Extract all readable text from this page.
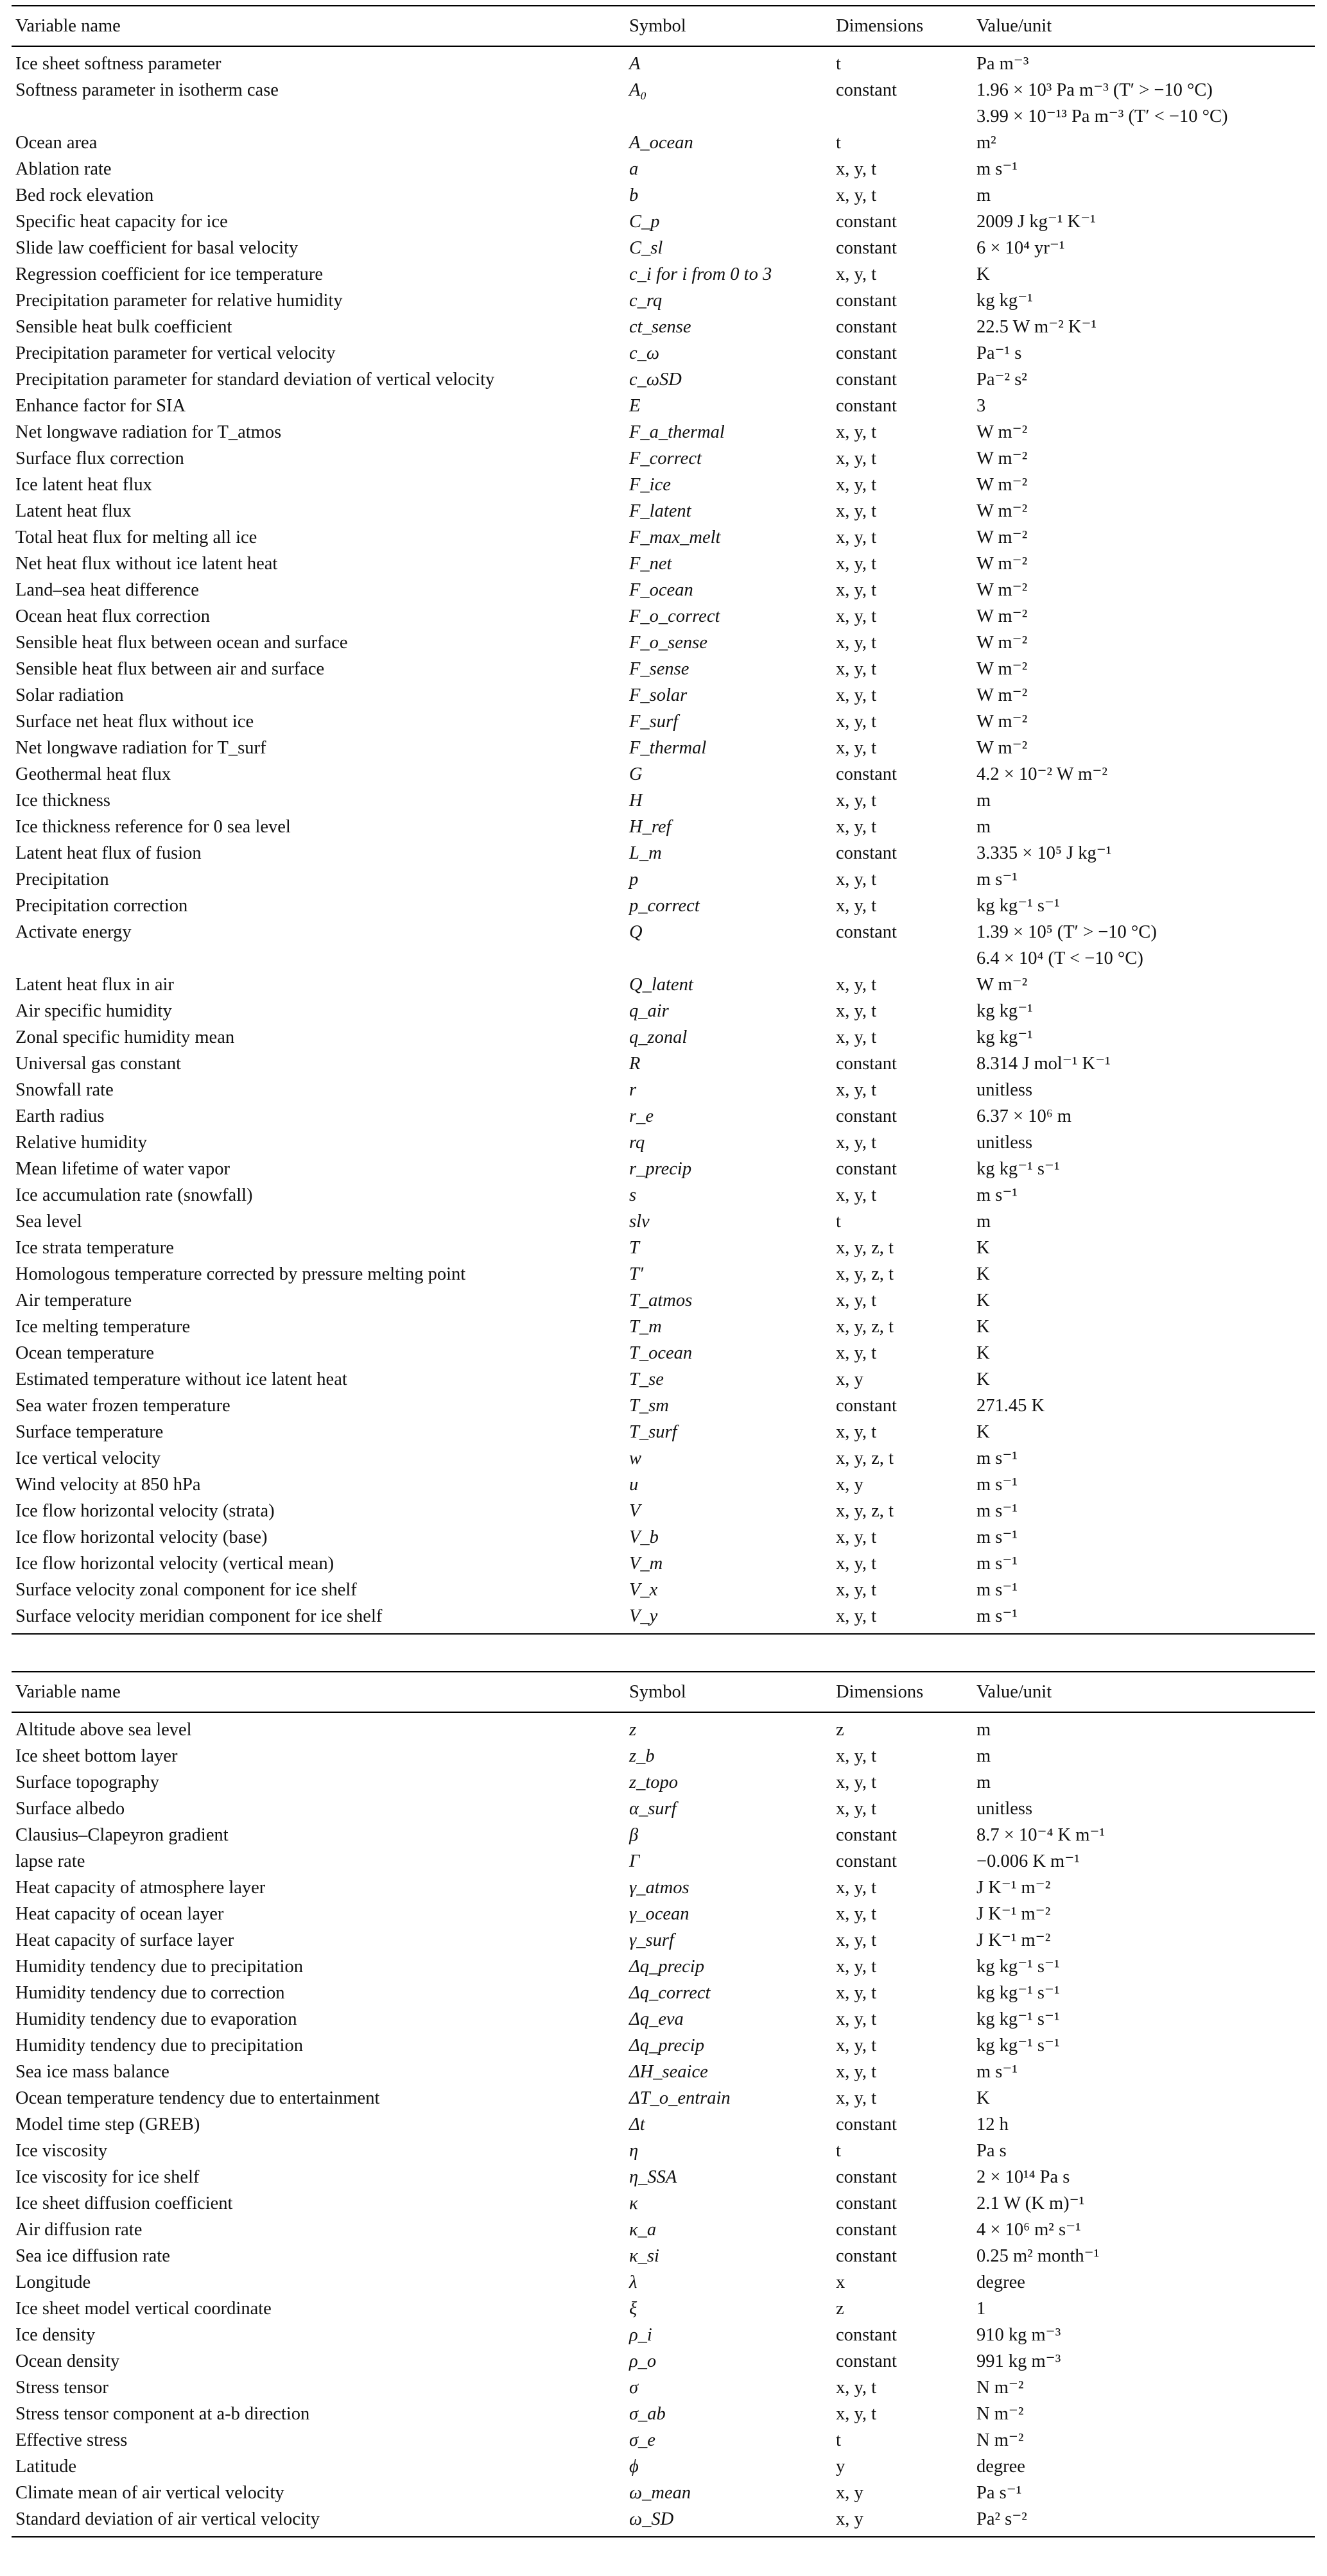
Variable name	Symbol	Dimensions	Value/unit
Ice sheet softness parameter	A	t	Pa m⁻³
Softness parameter in isotherm case	A₀	constant	1.96 × 10³ Pa m⁻³ (T′ > −10 °C)
			3.99 × 10⁻¹³ Pa m⁻³ (T′ < −10 °C)
Ocean area	A_ocean	t	m²
Ablation rate	a	x, y, t	m s⁻¹
Bed rock elevation	b	x, y, t	m
Specific heat capacity for ice	C_p	constant	2009 J kg⁻¹ K⁻¹
Slide law coefficient for basal velocity	C_sl	constant	6 × 10⁴ yr⁻¹
Regression coefficient for ice temperature	c_i for i from 0 to 3	x, y, t	K
Precipitation parameter for relative humidity	c_rq	constant	kg kg⁻¹
Sensible heat bulk coefficient	ct_sense	constant	22.5 W m⁻² K⁻¹
Precipitation parameter for vertical velocity	c_ω	constant	Pa⁻¹ s
Precipitation parameter for standard deviation of vertical velocity	c_ωSD	constant	Pa⁻² s²
Enhance factor for SIA	E	constant	3
Net longwave radiation for T_atmos	F_a_thermal	x, y, t	W m⁻²
Surface flux correction	F_correct	x, y, t	W m⁻²
Ice latent heat flux	F_ice	x, y, t	W m⁻²
Latent heat flux	F_latent	x, y, t	W m⁻²
Total heat flux for melting all ice	F_max_melt	x, y, t	W m⁻²
Net heat flux without ice latent heat	F_net	x, y, t	W m⁻²
Land–sea heat difference	F_ocean	x, y, t	W m⁻²
Ocean heat flux correction	F_o_correct	x, y, t	W m⁻²
Sensible heat flux between ocean and surface	F_o_sense	x, y, t	W m⁻²
Sensible heat flux between air and surface	F_sense	x, y, t	W m⁻²
Solar radiation	F_solar	x, y, t	W m⁻²
Surface net heat flux without ice	F_surf	x, y, t	W m⁻²
Net longwave radiation for T_surf	F_thermal	x, y, t	W m⁻²
Geothermal heat flux	G	constant	4.2 × 10⁻² W m⁻²
Ice thickness	H	x, y, t	m
Ice thickness reference for 0 sea level	H_ref	x, y, t	m
Latent heat flux of fusion	L_m	constant	3.335 × 10⁵ J kg⁻¹
Precipitation	p	x, y, t	m s⁻¹
Precipitation correction	p_correct	x, y, t	kg kg⁻¹ s⁻¹
Activate energy	Q	constant	1.39 × 10⁵ (T′ > −10 °C)
			6.4 × 10⁴ (T < −10 °C)
Latent heat flux in air	Q_latent	x, y, t	W m⁻²
Air specific humidity	q_air	x, y, t	kg kg⁻¹
Zonal specific humidity mean	q_zonal	x, y, t	kg kg⁻¹
Universal gas constant	R	constant	8.314 J mol⁻¹ K⁻¹
Snowfall rate	r	x, y, t	unitless
Earth radius	r_e	constant	6.37 × 10⁶ m
Relative humidity	rq	x, y, t	unitless
Mean lifetime of water vapor	r_precip	constant	kg kg⁻¹ s⁻¹
Ice accumulation rate (snowfall)	s	x, y, t	m s⁻¹
Sea level	slv	t	m
Ice strata temperature	T	x, y, z, t	K
Homologous temperature corrected by pressure melting point	T′	x, y, z, t	K
Air temperature	T_atmos	x, y, t	K
Ice melting temperature	T_m	x, y, z, t	K
Ocean temperature	T_ocean	x, y, t	K
Estimated temperature without ice latent heat	T_se	x, y	K
Sea water frozen temperature	T_sm	constant	271.45 K
Surface temperature	T_surf	x, y, t	K
Ice vertical velocity	w	x, y, z, t	m s⁻¹
Wind velocity at 850 hPa	u	x, y	m s⁻¹
Ice flow horizontal velocity (strata)	V	x, y, z, t	m s⁻¹
Ice flow horizontal velocity (base)	V_b	x, y, t	m s⁻¹
Ice flow horizontal velocity (vertical mean)	V_m	x, y, t	m s⁻¹
Surface velocity zonal component for ice shelf	V_x	x, y, t	m s⁻¹
Surface velocity meridian component for ice shelf	V_y	x, y, t	m s⁻¹
Variable name	Symbol	Dimensions	Value/unit
Altitude above sea level	z	z	m
Ice sheet bottom layer	z_b	x, y, t	m
Surface topography	z_topo	x, y, t	m
Surface albedo	α_surf	x, y, t	unitless
Clausius–Clapeyron gradient	β	constant	8.7 × 10⁻⁴ K m⁻¹
lapse rate	Γ	constant	−0.006 K m⁻¹
Heat capacity of atmosphere layer	γ_atmos	x, y, t	J K⁻¹ m⁻²
Heat capacity of ocean layer	γ_ocean	x, y, t	J K⁻¹ m⁻²
Heat capacity of surface layer	γ_surf	x, y, t	J K⁻¹ m⁻²
Humidity tendency due to precipitation	Δq_precip	x, y, t	kg kg⁻¹ s⁻¹
Humidity tendency due to correction	Δq_correct	x, y, t	kg kg⁻¹ s⁻¹
Humidity tendency due to evaporation	Δq_eva	x, y, t	kg kg⁻¹ s⁻¹
Humidity tendency due to precipitation	Δq_precip	x, y, t	kg kg⁻¹ s⁻¹
Sea ice mass balance	ΔH_seaice	x, y, t	m s⁻¹
Ocean temperature tendency due to entertainment	ΔT_o_entrain	x, y, t	K
Model time step (GREB)	Δt	constant	12 h
Ice viscosity	η	t	Pa s
Ice viscosity for ice shelf	η_SSA	constant	2 × 10¹⁴ Pa s
Ice sheet diffusion coefficient	κ	constant	2.1 W (K m)⁻¹
Air diffusion rate	κ_a	constant	4 × 10⁶ m² s⁻¹
Sea ice diffusion rate	κ_si	constant	0.25 m² month⁻¹
Longitude	λ	x	degree
Ice sheet model vertical coordinate	ξ	z	1
Ice density	ρ_i	constant	910 kg m⁻³
Ocean density	ρ_o	constant	991 kg m⁻³
Stress tensor	σ	x, y, t	N m⁻²
Stress tensor component at a-b direction	σ_ab	x, y, t	N m⁻²
Effective stress	σ_e	t	N m⁻²
Latitude	ϕ	y	degree
Climate mean of air vertical velocity	ω_mean	x, y	Pa s⁻¹
Standard deviation of air vertical velocity	ω_SD	x, y	Pa² s⁻²
